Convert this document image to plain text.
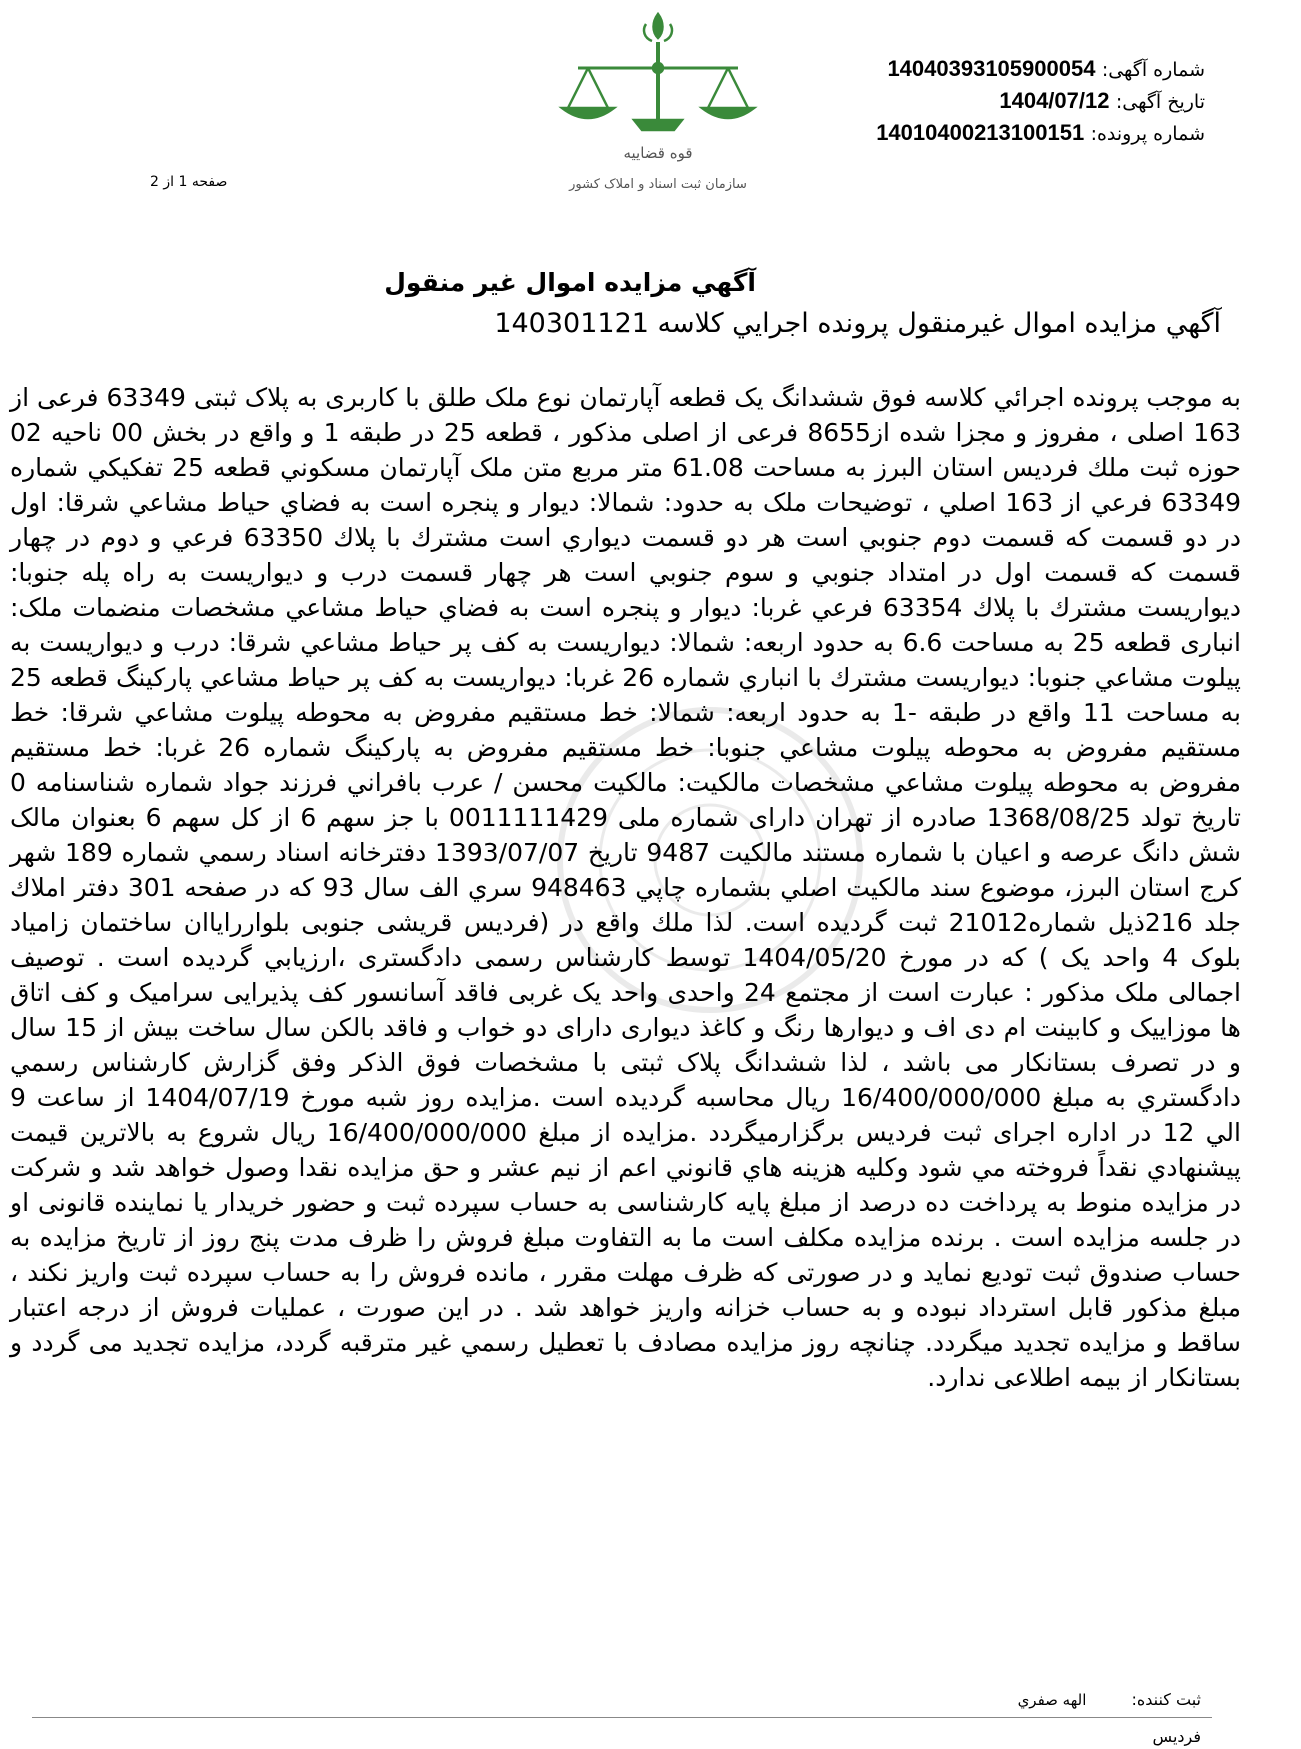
شماره آگهی: 14040393105900054
تاریخ آگهی: 1404/07/12
شماره پرونده: 14010400213100151
صفحه 1 از 2
قوه قضاییه
سازمان ثبت اسناد و املاک کشور
آگهي مزايده اموال غير منقول
آگهي مزايده اموال غيرمنقول پرونده اجرايي كلاسه 140301121
به موجب پرونده اجرائي كلاسه فوق ششدانگ يک قطعه آپارتمان نوع ملک طلق با کاربری به پلاک ثبتی 63349 فرعی از 163 اصلی ، مفروز و مجزا شده از8655 فرعی از اصلی مذکور ، قطعه 25 در طبقه 1 و واقع در بخش 00 ناحيه 02 حوزه ثبت ملك فرديس استان البرز به مساحت 61.08 متر مربع متن ملک آپارتمان مسکوني قطعه 25 تفکيکي شماره 63349 فرعي از 163 اصلي ، توضیحات ملک به حدود: شمالا: ديوار و پنجره است به فضاي حياط مشاعي شرقا: اول در دو قسمت که قسمت دوم جنوبي است هر دو قسمت ديواري است مشترك با پلاك 63350 فرعي و دوم در چهار قسمت که قسمت اول در امتداد جنوبي و سوم جنوبي است هر چهار قسمت درب و ديواريست به راه پله جنوبا: ديواريست مشترك با پلاك 63354 فرعي غربا: ديوار و پنجره است به فضاي حياط مشاعي مشخصات منضمات ملک: انباری قطعه 25 به مساحت 6.6 به حدود اربعه: شمالا: ديواريست به كف پر حياط مشاعي شرقا: درب و ديواريست به پيلوت مشاعي جنوبا: ديواريست مشترك با انباري شماره 26 غربا: ديواريست به كف پر حياط مشاعي پارکینگ قطعه 25 به مساحت 11 واقع در طبقه -1 به حدود اربعه: شمالا: خط مستقيم مفروض به محوطه پيلوت مشاعي شرقا: خط مستقيم مفروض به محوطه پيلوت مشاعي جنوبا: خط مستقيم مفروض به پاركينگ شماره 26 غربا: خط مستقيم مفروض به محوطه پيلوت مشاعي مشخصات مالکیت: مالكيت محسن / عرب بافراني فرزند جواد شماره شناسنامه 0 تاريخ تولد 1368/08/25 صادره از تهران دارای شماره ملی 0011111429 با جز سهم 6 از كل سهم 6 بعنوان مالک شش دانگ عرصه و اعيان با شماره مستند مالكيت 9487 تاريخ 1393/07/07 دفترخانه اسناد رسمي شماره 189 شهر كرج استان البرز، موضوع سند مالكيت اصلي بشماره چاپي 948463 سري الف سال 93 كه در صفحه 301 دفتر املاك جلد 216ذيل شماره21012 ثبت گرديده است. لذا ملك واقع در (فرديس قريشی جنوبی بلوارراياان ساختمان زامياد بلوک 4 واحد يک ) كه در مورخ 1404/05/20 توسط كارشناس رسمی دادگستری ،ارزيابي گرديده است . توصيف اجمالی ملک مذکور : عبارت است از مجتمع 24 واحدی واحد يک غربی فاقد آسانسور كف پذيرايی سراميک و كف اتاق ها موزاييک و كابينت ام دی اف و ديوارها رنگ و كاغذ ديواری دارای دو خواب و فاقد بالكن سال ساخت بيش از 15 سال و در تصرف بستانكار می باشد ، لذا ششدانگ پلاک ثبتی با مشخصات فوق الذكر وفق گزارش کارشناس رسمي دادگستري به مبلغ 16/400/000/000 ريال محاسبه گرديده است .مزايده روز شبه مورخ 1404/07/19 از ساعت 9 الي 12 در اداره اجرای ثبت فرديس برگزارميگردد .مزايده از مبلغ 16/400/000/000 ريال شروع به بالاترين قيمت پيشنهادي نقداً فروخته مي شود وكليه هزينه هاي قانوني اعم از نيم عشر و حق مزايده نقدا وصول خواهد شد و شرکت در مزایده منوط به پرداخت ده درصد از مبلغ پایه کارشناسی به حساب سپرده ثبت و حضور خریدار یا نماینده قانونی او در جلسه مزایده است . برنده مزایده مکلف است ما به التفاوت مبلغ فروش را ظرف مدت پنج روز از تاریخ مزایده به حساب صندوق ثبت تودیع نماید و در صورتی که ظرف مهلت مقرر ، مانده فروش را به حساب سپرده ثبت واریز نکند ، مبلغ مذکور قابل استرداد نبوده و به حساب خزانه واریز خواهد شد . در این صورت ، عملیات فروش از درجه اعتبار ساقط و مزایده تجدید میگردد. چنانچه روز مزايده مصادف با تعطيل رسمي غير مترقبه گردد، مزایده تجدید می گردد و بستانکار از بیمه اطلاعی ندارد.
ثبت کننده: الهه صفري
فرديس
